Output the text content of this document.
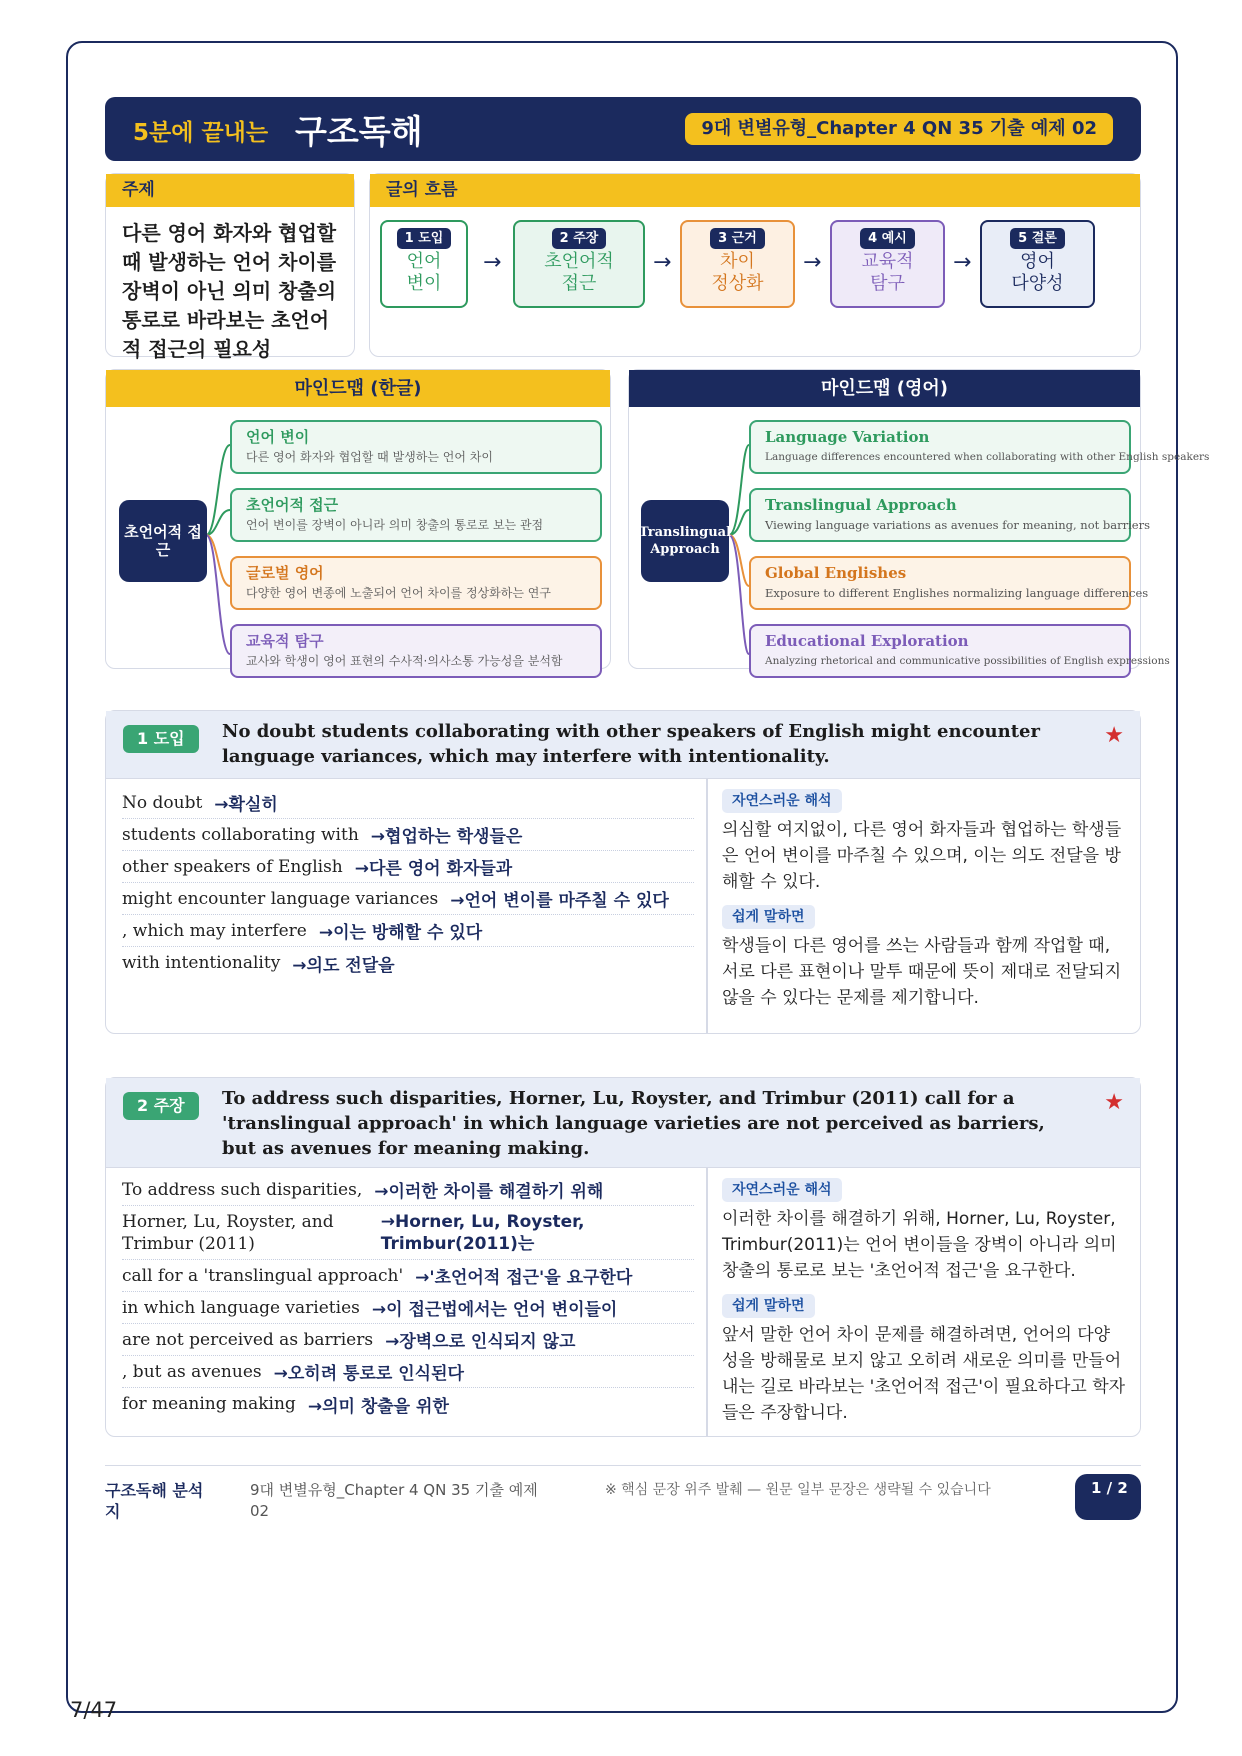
5분에 끝내는 구조독해	9대 변별유형_Chapter 4 QN 35 기출 예제 02
주제
다른 영어 화자와 협업할 때 발생하는 언어 차이를 장벽이 아닌 의미 창출의 통로로 바라보는 초언어적 접근의 필요성
글의 흐름
1 도입
언어
변이
→
2 주장
초언어적
접근
→
3 근거
차이
정상화
→
4 예시
교육적
탐구
→
5 결론
영어
다양성
마인드맵 (한글)
초언어적 접근
언어 변이
다른 영어 화자와 협업할 때 발생하는 언어 차이
초언어적 접근
언어 변이를 장벽이 아니라 의미 창출의 통로로 보는 관점
글로벌 영어
다양한 영어 변종에 노출되어 언어 차이를 정상화하는 연구
교육적 탐구
교사와 학생이 영어 표현의 수사적·의사소통 가능성을 분석함
마인드맵 (영어)
Translingual Approach
Language Variation
Language differences encountered when collaborating with other English speakers
Translingual Approach
Viewing language variations as avenues for meaning, not barriers
Global Englishes
Exposure to different Englishes normalizing language differences
Educational Exploration
Analyzing rhetorical and communicative possibilities of English expressions
1 도입	No doubt students collaborating with other speakers of English might encounter language variances, which may interfere with intentionality.
★
No doubt →확실히
students collaborating with →협업하는 학생들은
other speakers of English →다른 영어 화자들과
might encounter language variances →언어 변이를 마주칠 수 있다
, which may interfere →이는 방해할 수 있다
with intentionality →의도 전달을
자연스러운 해석
의심할 여지없이, 다른 영어 화자들과 협업하는 학생들은 언어 변이를 마주칠 수 있으며, 이는 의도 전달을 방해할 수 있다.
쉽게 말하면
학생들이 다른 영어를 쓰는 사람들과 함께 작업할 때, 서로 다른 표현이나 말투 때문에 뜻이 제대로 전달되지 않을 수 있다는 문제를 제기합니다.
2 주장	To address such disparities, Horner, Lu, Royster, and Trimbur (2011) call for a 'translingual approach' in which language varieties are not perceived as barriers, but as avenues for meaning making.
★
To address such disparities, →이러한 차이를 해결하기 위해
Horner, Lu, Royster, and Trimbur (2011)
→Horner, Lu, Royster, Trimbur(2011)는
call for a 'translingual approach' →'초언어적 접근'을 요구한다
in which language varieties →이 접근법에서는 언어 변이들이
are not perceived as barriers →장벽으로 인식되지 않고
, but as avenues →오히려 통로로 인식된다
for meaning making →의미 창출을 위한
자연스러운 해석
이러한 차이를 해결하기 위해, Horner, Lu, Royster, Trimbur(2011)는 언어 변이들을 장벽이 아니라 의미 창출의 통로로 보는 '초언어적 접근'을 요구한다.
쉽게 말하면
앞서 말한 언어 차이 문제를 해결하려면, 언어의 다양성을 방해물로 보지 않고 오히려 새로운 의미를 만들어내는 길로 바라보는 '초언어적 접근'이 필요하다고 학자들은 주장합니다.
구조독해 분석지
9대 변별유형_Chapter 4 QN 35 기출 예제 02
※ 핵심 문장 위주 발췌 — 원문 일부 문장은 생략될 수 있습니다	1 / 2
7/47
